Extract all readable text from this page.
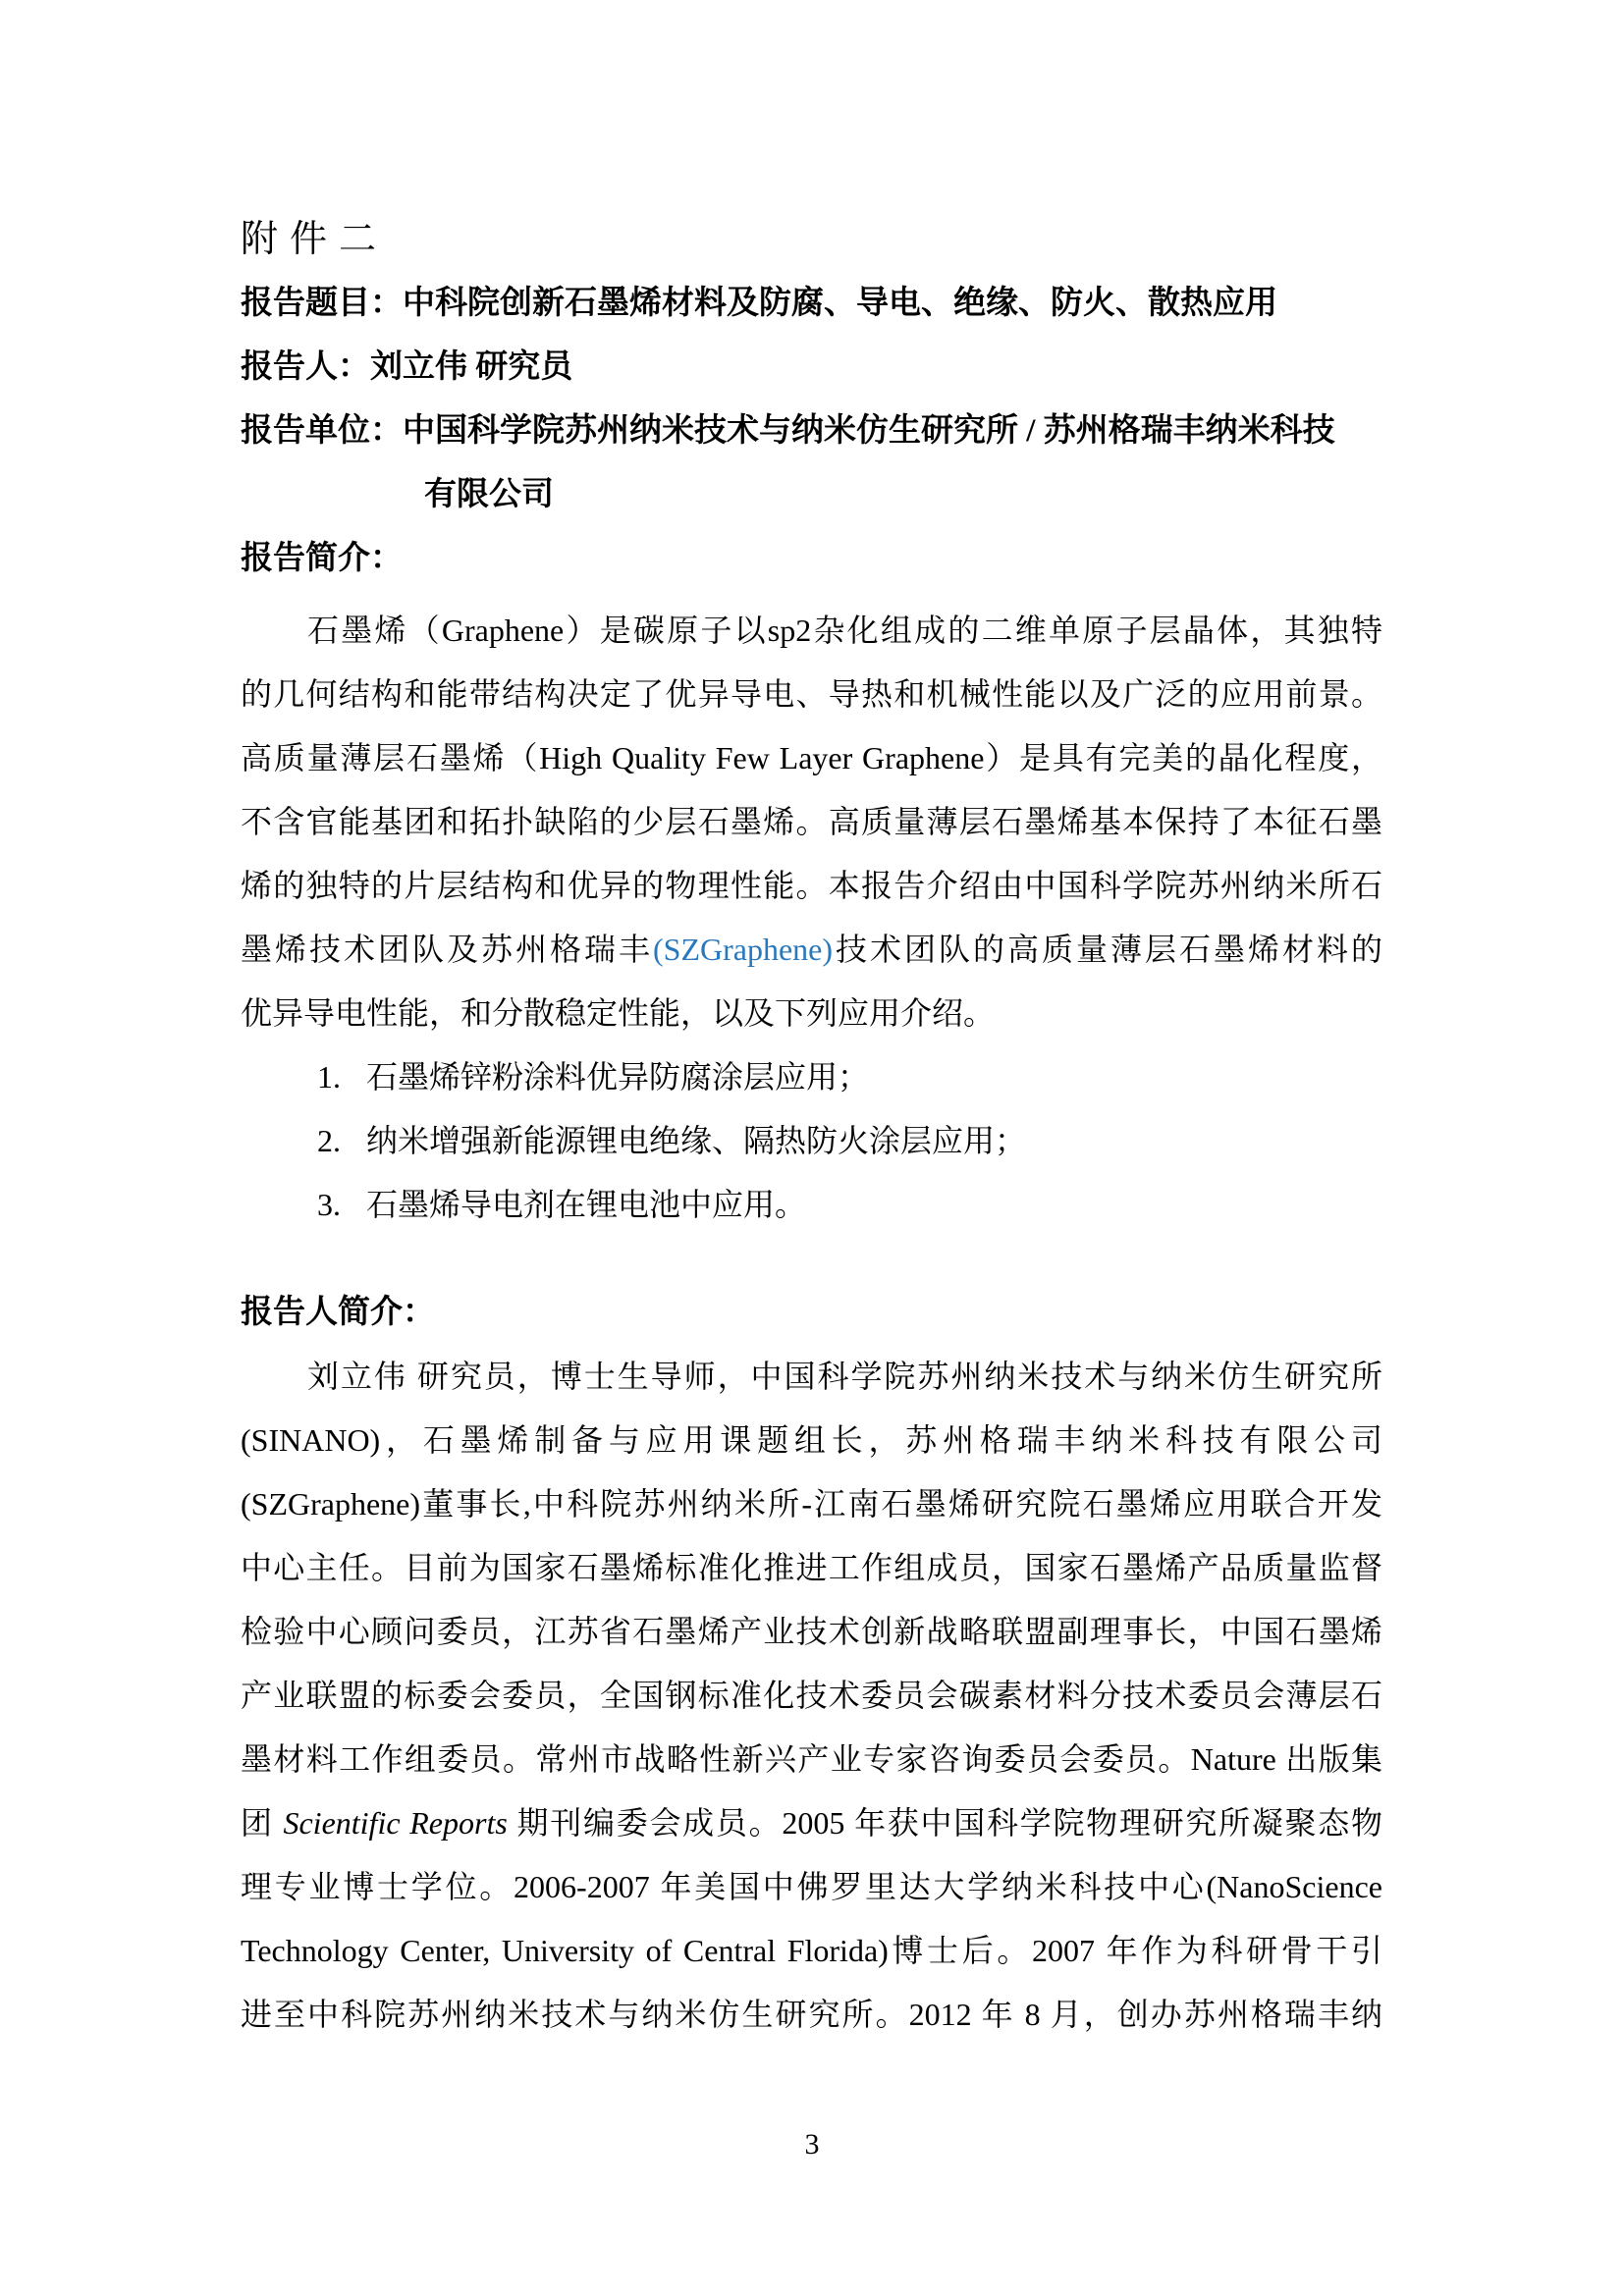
附件二
报告题目：中科院创新石墨烯材料及防腐、导电、绝缘、防火、散热应用
报告人：刘立伟 研究员
报告单位：中国科学院苏州纳米技术与纳米仿生研究所 / 苏州格瑞丰纳米科技
有限公司
报告简介：
石墨烯（Graphene）是碳原子以sp2杂化组成的二维单原子层晶体，其独特
的几何结构和能带结构决定了优异导电、导热和机械性能以及广泛的应用前景。
高质量薄层石墨烯（High Quality Few Layer Graphene）是具有完美的晶化程度，
不含官能基团和拓扑缺陷的少层石墨烯。高质量薄层石墨烯基本保持了本征石墨
烯的独特的片层结构和优异的物理性能。本报告介绍由中国科学院苏州纳米所石
墨烯技术团队及苏州格瑞丰(SZGraphene)技术团队的高质量薄层石墨烯材料的
优异导电性能，和分散稳定性能，以及下列应用介绍。
1. 石墨烯锌粉涂料优异防腐涂层应用；
2. 纳米增强新能源锂电绝缘、隔热防火涂层应用；
3. 石墨烯导电剂在锂电池中应用。
报告人简介：
刘立伟 研究员，博士生导师，中国科学院苏州纳米技术与纳米仿生研究所
(SINANO)，石墨烯制备与应用课题组长，苏州格瑞丰纳米科技有限公司
(SZGraphene)董事长,中科院苏州纳米所-江南石墨烯研究院石墨烯应用联合开发
中心主任。目前为国家石墨烯标准化推进工作组成员，国家石墨烯产品质量监督
检验中心顾问委员，江苏省石墨烯产业技术创新战略联盟副理事长，中国石墨烯
产业联盟的标委会委员，全国钢标准化技术委员会碳素材料分技术委员会薄层石
墨材料工作组委员。常州市战略性新兴产业专家咨询委员会委员。Nature 出版集
团 Scientific Reports 期刊编委会成员。2005 年获中国科学院物理研究所凝聚态物
理专业博士学位。2006-2007 年美国中佛罗里达大学纳米科技中心(NanoScience
Technology Center, University of Central Florida)博士后。2007 年作为科研骨干引
进至中科院苏州纳米技术与纳米仿生研究所。2012 年 8 月，创办苏州格瑞丰纳
3
